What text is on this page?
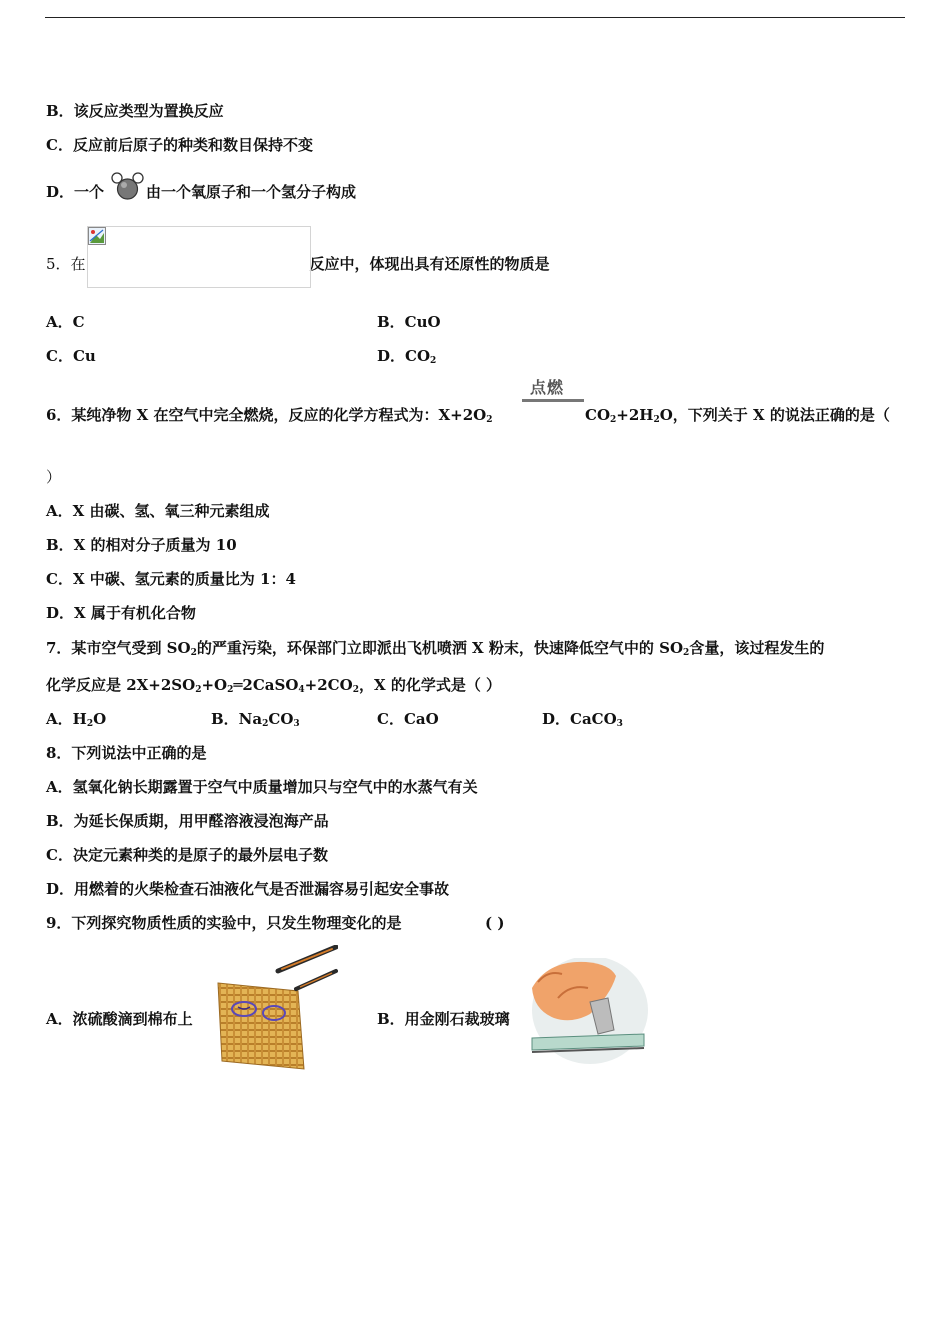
B．该反应类型为置换反应
C．反应前后原子的种类和数目保持不变
D．一个	由一个氧原子和一个氢分子构成
5．在	反应中，体现出具有还原性的物质是
A．C	B．CuO
C．Cu	D．$CO_2$
6．某纯净物 X 在空气中完全燃烧，反应的化学方程式为：$X+2O_2$
点燃
$CO_2+2H_2O$，下列关于 X 的说法正确的是（
）
A．X 由碳、氢、氧三种元素组成
B．X 的相对分子质量为 10
C．X 中碳、氢元素的质量比为 1：4
D．X 属于有机化合物
7．某市空气受到 $SO_2$的严重污染，环保部门立即派出飞机喷洒 X 粉末，快速降低空气中的 $SO_2$含量，该过程发生的
化学反应是 $2X+2SO_2+O_2═2CaSO_4+2CO_2$，X 的化学式是（ ）
A．$H_2O$	B．$Na_2CO_3$	C．CaO	D．CaCO$_3$
8．下列说法中正确的是
A．氢氧化钠长期露置于空气中质量增加只与空气中的水蒸气有关
B．为延长保质期，用甲醛溶液浸泡海产品
C．决定元素种类的是原子的最外层电子数
D．用燃着的火柴检查石油液化气是否泄漏容易引起安全事故
9．下列探究物质性质的实验中，只发生物理变化的是	( )
A．浓硫酸滴到棉布上	B．用金刚石裁玻璃
